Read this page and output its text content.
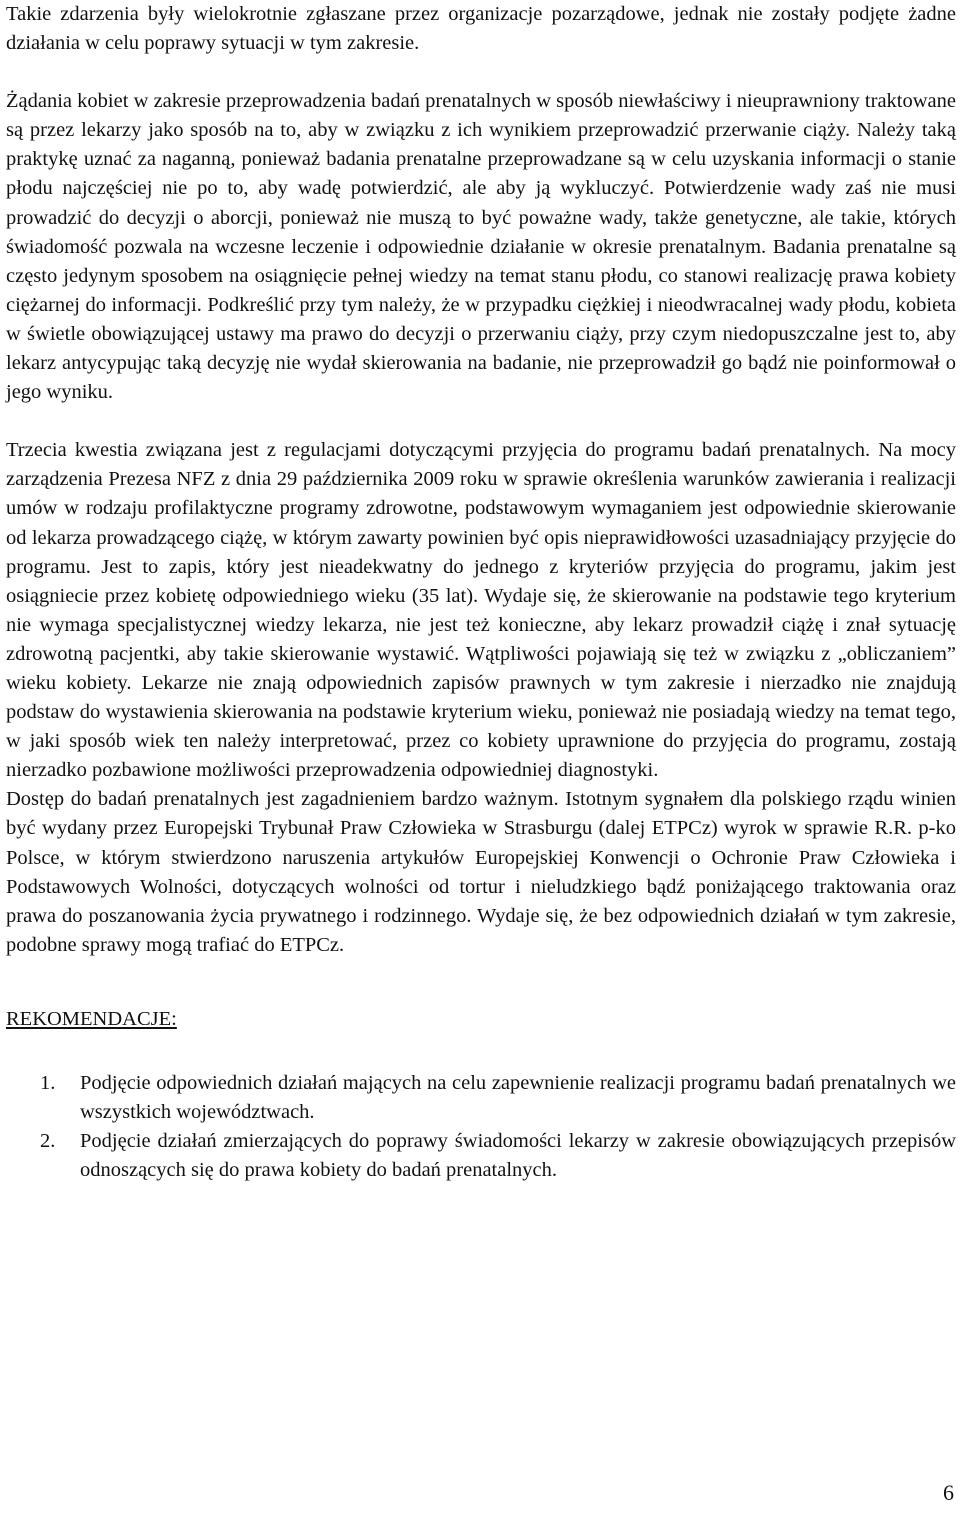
Takie zdarzenia były wielokrotnie zgłaszane przez organizacje pozarządowe, jednak nie zostały podjęte żadne działania w celu poprawy sytuacji w tym zakresie.

Żądania kobiet w zakresie przeprowadzenia badań prenatalnych w sposób niewłaściwy i nieuprawniony traktowane są przez lekarzy jako sposób na to, aby w związku z ich wynikiem przeprowadzić przerwanie ciąży. Należy taką praktykę uznać za naganną, ponieważ badania prenatalne przeprowadzane są w celu uzyskania informacji o stanie płodu najczęściej nie po to, aby wadę potwierdzić, ale aby ją wykluczyć. Potwierdzenie wady zaś nie musi prowadzić do decyzji o aborcji, ponieważ nie muszą to być poważne wady, także genetyczne, ale takie, których świadomość pozwala na wczesne leczenie i odpowiednie działanie w okresie prenatalnym. Badania prenatalne są często jedynym sposobem na osiągnięcie pełnej wiedzy na temat stanu płodu, co stanowi realizację prawa kobiety ciężarnej do informacji. Podkreślić przy tym należy, że w przypadku ciężkiej i nieodwracalnej wady płodu, kobieta w świetle obowiązującej ustawy ma prawo do decyzji o przerwaniu ciąży, przy czym niedopuszczalne jest to, aby lekarz antycypując taką decyzję nie wydał skierowania na badanie, nie przeprowadził go bądź nie poinformował o jego wyniku.

Trzecia kwestia związana jest z regulacjami dotyczącymi przyjęcia do programu badań prenatalnych. Na mocy zarządzenia Prezesa NFZ z dnia 29 października 2009 roku w sprawie określenia warunków zawierania i realizacji umów w rodzaju profilaktyczne programy zdrowotne, podstawowym wymaganiem jest odpowiednie skierowanie od lekarza prowadzącego ciążę, w którym zawarty powinien być opis nieprawidłowości uzasadniający przyjęcie do programu. Jest to zapis, który jest nieadekwatny do jednego z kryteriów przyjęcia do programu, jakim jest osiągniecie przez kobietę odpowiedniego wieku (35 lat). Wydaje się, że skierowanie na podstawie tego kryterium nie wymaga specjalistycznej wiedzy lekarza, nie jest też konieczne, aby lekarz prowadził ciążę i znał sytuację zdrowotną pacjentki, aby takie skierowanie wystawić. Wątpliwości pojawiają się też w związku z „obliczaniem” wieku kobiety. Lekarze nie znają odpowiednich zapisów prawnych w tym zakresie i nierzadko nie znajdują podstaw do wystawienia skierowania na podstawie kryterium wieku, ponieważ nie posiadają wiedzy na temat tego, w jaki sposób wiek ten należy interpretować, przez co kobiety uprawnione do przyjęcia do programu, zostają nierzadko pozbawione możliwości przeprowadzenia odpowiedniej diagnostyki.

Dostęp do badań prenatalnych jest zagadnieniem bardzo ważnym. Istotnym sygnałem dla polskiego rządu winien być wydany przez Europejski Trybunał Praw Człowieka w Strasburgu (dalej ETPCz) wyrok w sprawie R.R. p-ko Polsce, w którym stwierdzono naruszenia artykułów Europejskiej Konwencji o Ochronie Praw Człowieka i Podstawowych Wolności, dotyczących wolności od tortur i nieludzkiego bądź poniżającego traktowania oraz prawa do poszanowania życia prywatnego i rodzinnego. Wydaje się, że bez odpowiednich działań w tym zakresie, podobne sprawy mogą trafiać do ETPCz.

REKOMENDACJE:
1. Podjęcie odpowiednich działań mających na celu zapewnienie realizacji programu badań prenatalnych we wszystkich województwach.
2. Podjęcie działań zmierzających do poprawy świadomości lekarzy w zakresie obowiązujących przepisów odnoszących się do prawa kobiety do badań prenatalnych.
6
